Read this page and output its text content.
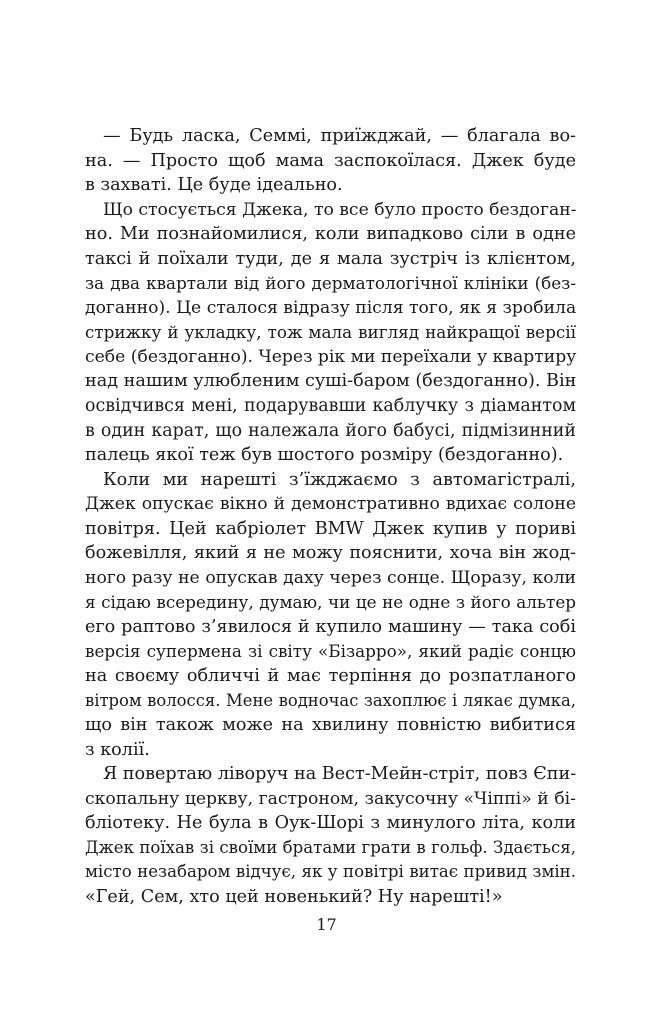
— Будь ласка, Семмі, приїжджай, — благала во-
на. — Просто щоб мама заспокоїлася. Джек буде
в захваті. Це буде ідеально.
Що стосується Джека, то все було просто бездоган-
но. Ми познайомилися, коли випадково сіли в одне
таксі й поїхали туди, де я мала зустріч із клієнтом,
за два квартали від його дерматологічної клініки (без-
доганно). Це сталося відразу після того, як я зробила
стрижку й укладку, тож мала вигляд найкращої версії
себе (бездоганно). Через рік ми переїхали у квартиру
над нашим улюбленим суші-баром (бездоганно). Він
освідчився мені, подарувавши каблучку з діамантом
в один карат, що належала його бабусі, підмізинний
палець якої теж був шостого розміру (бездоганно).
Коли ми нарешті з’їжджаємо з автомагістралі,
Джек опускає вікно й демонстративно вдихає солоне
повітря. Цей кабріолет BMW Джек купив у пориві
божевілля, який я не можу пояснити, хоча він жод-
ного разу не опускав даху через сонце. Щоразу, коли
я сідаю всередину, думаю, чи це не одне з його альтер
его раптово з’явилося й купило машину — така собі
версія супермена зі світу «Бізарро», який радіє сонцю
на своєму обличчі й має терпіння до розпатланого
вітром волосся. Мене водночас захоплює і лякає думка,
що він також може на хвилину повністю вибитися
з колії.
Я повертаю ліворуч на Вест-Мейн-стріт, повз Єпи-
скопальну церкву, гастроном, закусочну «Чіппі» й бі-
бліотеку. Не була в Оук-Шорі з минулого літа, коли
Джек поїхав зі своїми братами грати в гольф. Здається,
місто незабаром відчує, як у повітрі витає привид змін.
«Гей, Сем, хто цей новенький? Ну нарешті!»
17
